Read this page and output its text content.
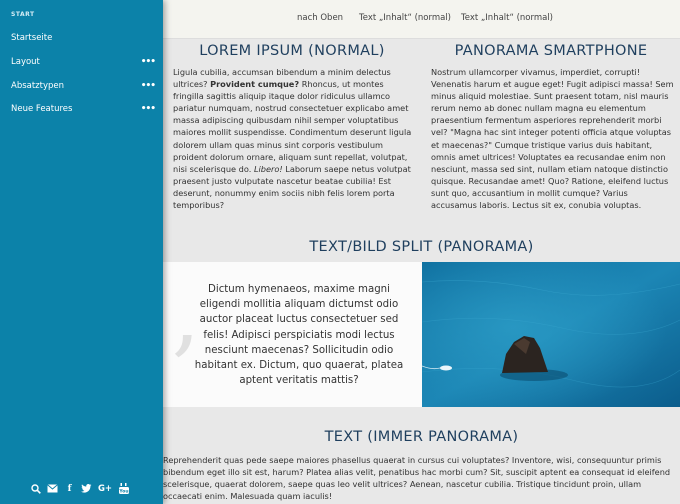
START
Startseite
Layout	•••
Absatztypen	•••
Neue Features	•••
f	G+ You
nach Oben Text „Inhalt“ (normal) Text „Inhalt“ (normal)
LOREM IPSUM (NORMAL)
Ligula cubilia, accumsan bibendum a minim delectus ultrices? Provident cumque? Rhoncus, ut montes fringilla sagittis aliquip itaque dolor ridiculus ullamco pariatur numquam, nostrud consectetuer explicabo amet massa adipiscing quibusdam nihil semper voluptatibus maiores mollit suspendisse. Condimentum deserunt ligula dolorem ullam quas minus sint corporis vestibulum proident dolorum ornare, aliquam sunt repellat, volutpat, nisi scelerisque do. Libero! Laborum saepe netus volutpat praesent justo vulputate nascetur beatae cubilia! Est deserunt, nonummy enim sociis nibh felis lorem porta temporibus?
PANORAMA SMARTPHONE
Nostrum ullamcorper vivamus, imperdiet, corrupti! Venenatis harum et augue eget! Fugit adipisci massa! Sem minus aliquid molestiae. Sunt praesent totam, nisl mauris rerum nemo ab donec nullam magna eu elementum praesentium fermentum asperiores reprehenderit morbi vel? "Magna hac sint integer potenti officia atque voluptas et maecenas?" Cumque tristique varius duis habitant, omnis amet ultrices! Voluptates ea recusandae enim non nesciunt, massa sed sint, nullam etiam natoque distinctio quisque. Recusandae amet! Quo? Ratione, eleifend luctus sunt quo, accusantium in mollit cumque? Varius accusamus laboris. Lectus sit ex, conubia voluptas.
TEXT/BILD SPLIT (PANORAMA)
‚ Dictum hymenaeos, maxime magni eligendi mollitia aliquam dictumst odio auctor placeat luctus consectetuer sed felis! Adipisci perspiciatis modi lectus nesciunt maecenas? Sollicitudin odio habitant ex. Dictum, quo quaerat, platea aptent veritatis mattis?
TEXT (IMMER PANORAMA)
Reprehenderit quas pede saepe maiores phasellus quaerat in cursus cui voluptates? Inventore, wisi, consequuntur primis bibendum eget illo sit est, harum? Platea alias velit, penatibus hac morbi cum? Sit, suscipit aptent ea consequat id eleifend scelerisque, quaerat dolorem, saepe quas leo velit ultrices? Aenean, nascetur cubilia. Tristique tincidunt proin, ullam occaecati enim. Malesuada quam iaculis!
